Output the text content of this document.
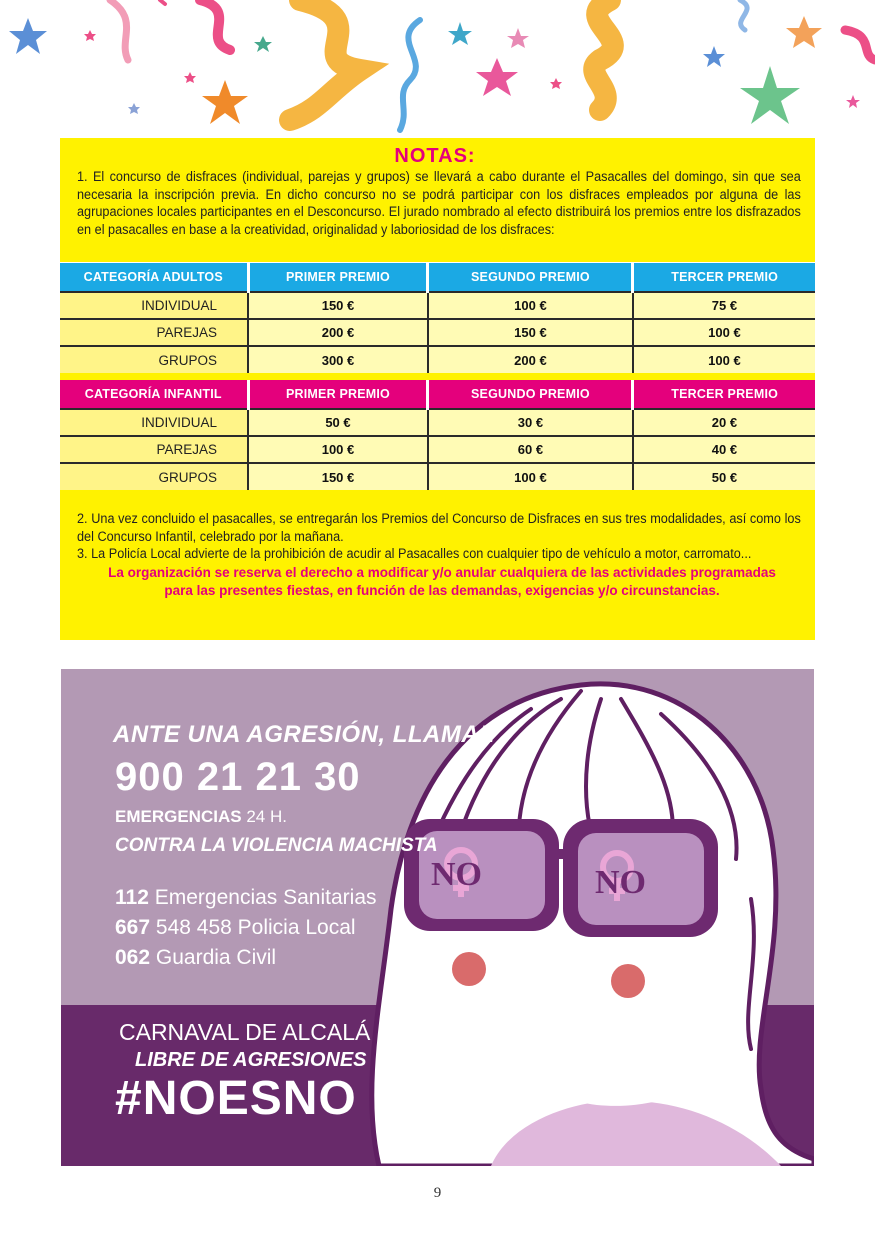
NOTAS:
1. El concurso de disfraces (individual, parejas y grupos) se llevará a cabo durante el Pasacalles del domingo, sin que sea necesaria la inscripción previa. En dicho concurso no se podrá participar con los disfraces empleados por alguna de las agrupaciones locales participantes en el Desconcurso. El jurado nombrado al efecto distribuirá los premios entre los disfrazados en el pasacalles en base a la creatividad, originalidad y laboriosidad de los disfraces:
CATEGORÍA ADULTOS	PRIMER PREMIO	SEGUNDO PREMIO	TERCER PREMIO
INDIVIDUAL	150 €	100 €	75 €
PAREJAS	200 €	150 €	100 €
GRUPOS	300 €	200 €	100 €
CATEGORÍA INFANTIL	PRIMER PREMIO	SEGUNDO PREMIO	TERCER PREMIO
INDIVIDUAL	50 €	30 €	20 €
PAREJAS	100 €	60 €	40 €
GRUPOS	150 €	100 €	50 €
2. Una vez concluido el pasacalles, se entregarán los Premios del Concurso de Disfraces en sus tres modalidades, así como los del Concurso Infantil, celebrado por la mañana.
3. La Policía Local advierte de la prohibición de acudir al Pasacalles con cualquier tipo de vehículo a motor, carromato...
La organización se reserva el derecho a modificar y/o anular cualquiera de las actividades programadas
para las presentes fiestas, en función de las demandas, exigencias y/o circunstancias.
NO	NO
ANTE UNA AGRESIÓN, LLAMA!!
900 21 21 30
EMERGENCIAS 24 H.
CONTRA LA VIOLENCIA MACHISTA
112 Emergencias Sanitarias
667 548 458 Policia Local
062 Guardia Civil
CARNAVAL DE ALCALÁ
LIBRE DE AGRESIONES
#NOESNO
9
